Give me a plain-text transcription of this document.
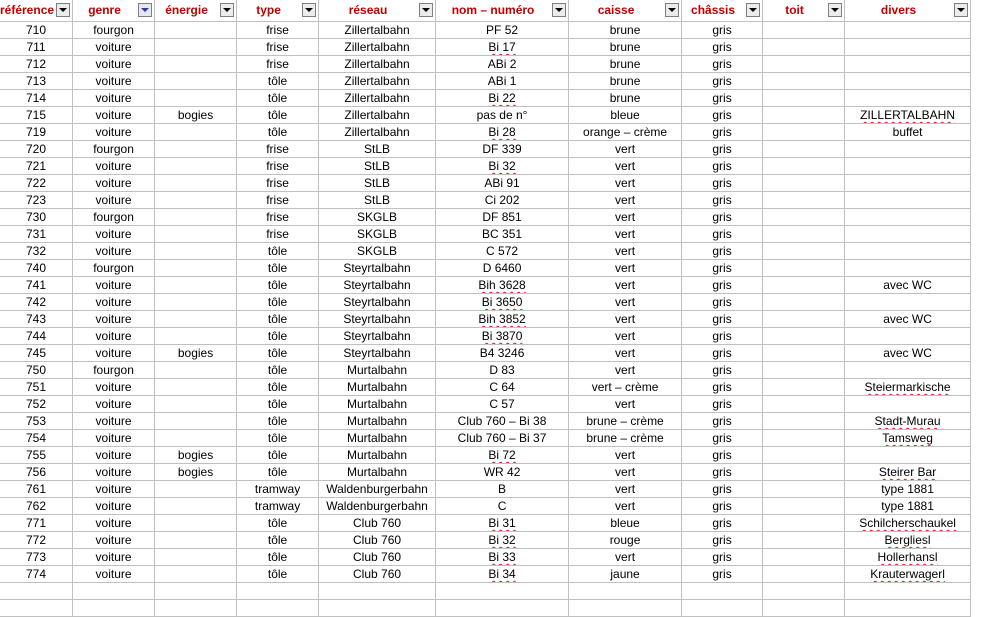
référence	genre	énergie	type	réseau	nom – numéro	caisse	châssis	toit	divers

710	fourgon		frise	Zillertalbahn	PF 52	brune	gris		
711	voiture		frise	Zillertalbahn	Bi 17	brune	gris		
712	voiture		frise	Zillertalbahn	ABi 2	brune	gris		
713	voiture		tôle	Zillertalbahn	ABi 1	brune	gris		
714	voiture		tôle	Zillertalbahn	Bi 22	brune	gris		
715	voiture	bogies	tôle	Zillertalbahn	pas de n°	bleue	gris		ZILLERTALBAHN
719	voiture		tôle	Zillertalbahn	Bi 28	orange – crème	gris		buffet
720	fourgon		frise	StLB	DF 339	vert	gris		
721	voiture		frise	StLB	Bi 32	vert	gris		
722	voiture		frise	StLB	ABi 91	vert	gris		
723	voiture		frise	StLB	Ci 202	vert	gris		
730	fourgon		frise	SKGLB	DF 851	vert	gris		
731	voiture		frise	SKGLB	BC 351	vert	gris		
732	voiture		tôle	SKGLB	C 572	vert	gris		
740	fourgon		tôle	Steyrtalbahn	D 6460	vert	gris		
741	voiture		tôle	Steyrtalbahn	Bih 3628	vert	gris		avec WC
742	voiture		tôle	Steyrtalbahn	Bi 3650	vert	gris		
743	voiture		tôle	Steyrtalbahn	Bih 3852	vert	gris		avec WC
744	voiture		tôle	Steyrtalbahn	Bi 3870	vert	gris		
745	voiture	bogies	tôle	Steyrtalbahn	B4 3246	vert	gris		avec WC
750	fourgon		tôle	Murtalbahn	D 83	vert	gris		
751	voiture		tôle	Murtalbahn	C 64	vert – crème	gris		Steiermarkische
752	voiture		tôle	Murtalbahn	C 57	vert	gris		
753	voiture		tôle	Murtalbahn	Club 760 – Bi 38	brune – crème	gris		Stadt-Murau
754	voiture		tôle	Murtalbahn	Club 760 – Bi 37	brune – crème	gris		Tamsweg
755	voiture	bogies	tôle	Murtalbahn	Bi 72	vert	gris		
756	voiture	bogies	tôle	Murtalbahn	WR 42	vert	gris		Steirer Bar
761	voiture		tramway	Waldenburgerbahn	B	vert	gris		type 1881
762	voiture		tramway	Waldenburgerbahn	C	vert	gris		type 1881
771	voiture		tôle	Club 760	Bi 31	bleue	gris		Schilcherschaukel
772	voiture		tôle	Club 760	Bi 32	rouge	gris		Bergliesl
773	voiture		tôle	Club 760	Bi 33	vert	gris		Hollerhansl
774	voiture		tôle	Club 760	Bi 34	jaune	gris		Krauterwagerl
